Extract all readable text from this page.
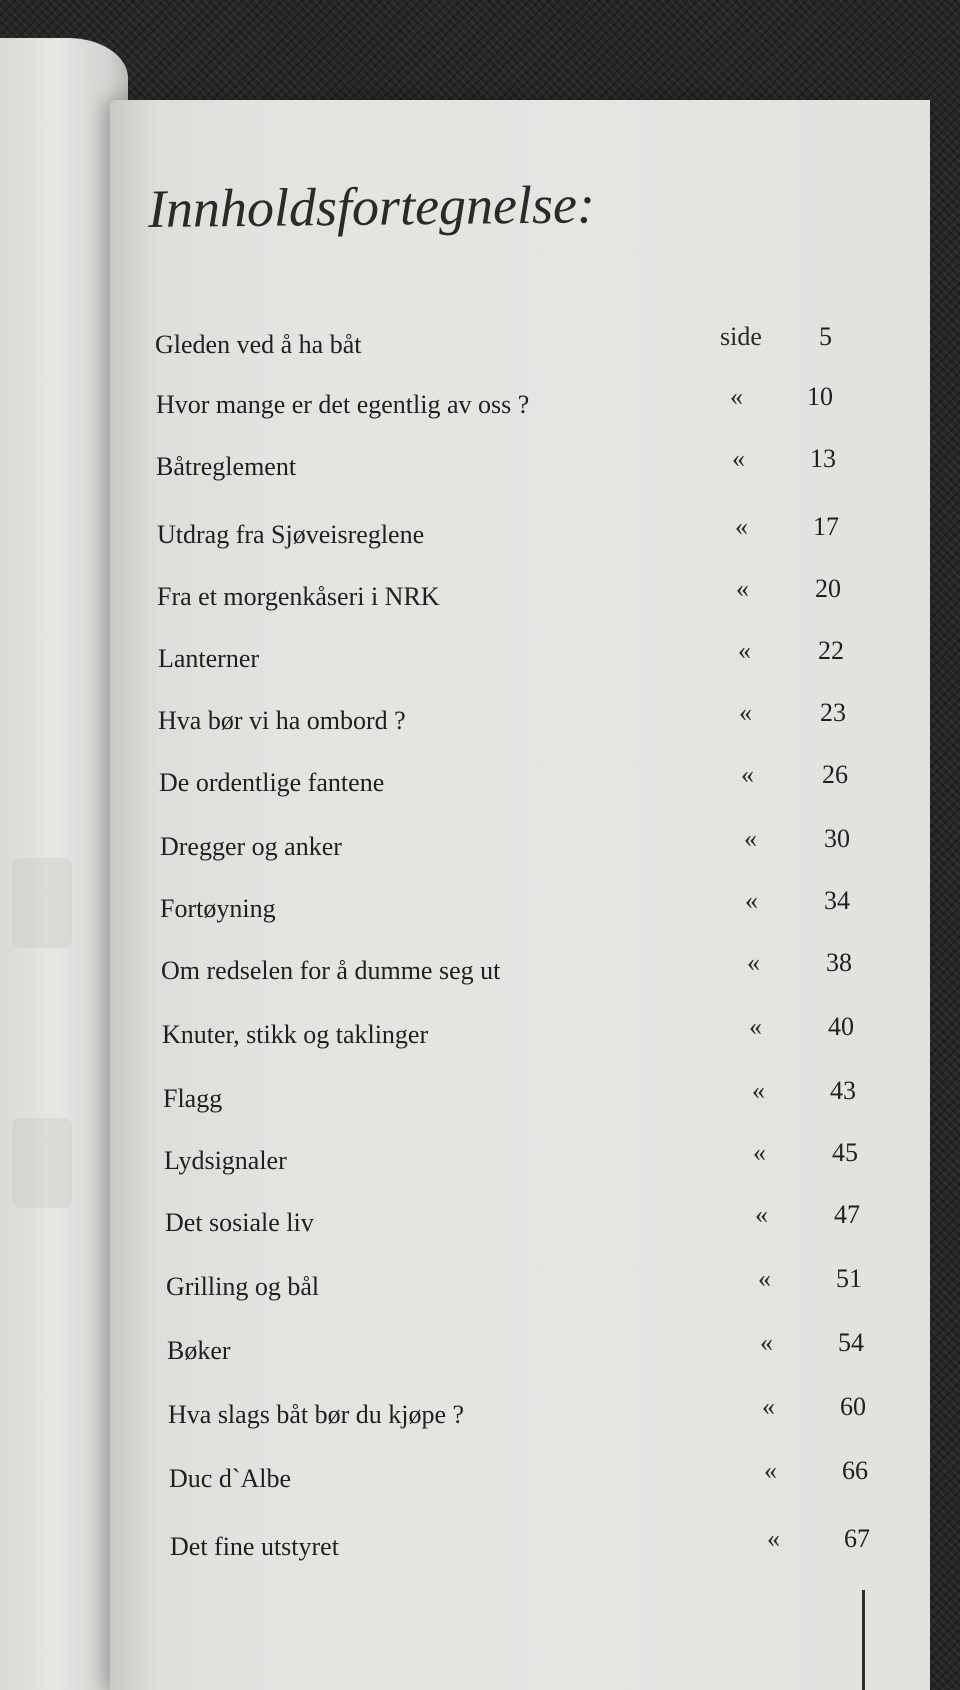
Innholdsfortegnelse:
Gleden ved å ha båt	side	5
Hvor mange er det egentlig av oss ?	«	10
Båtreglement	«	13
Utdrag fra Sjøveisreglene	«	17
Fra et morgenkåseri i NRK	«	20
Lanterner	«	22
Hva bør vi ha ombord ?	«	23
De ordentlige fantene	«	26
Dregger og anker	«	30
Fortøyning	«	34
Om redselen for å dumme seg ut	«	38
Knuter, stikk og taklinger	«	40
Flagg	«	43
Lydsignaler	«	45
Det sosiale liv	«	47
Grilling og bål	«	51
Bøker	«	54
Hva slags båt bør du kjøpe ?	«	60
Duc d`Albe	«	66
Det fine utstyret	«	67
